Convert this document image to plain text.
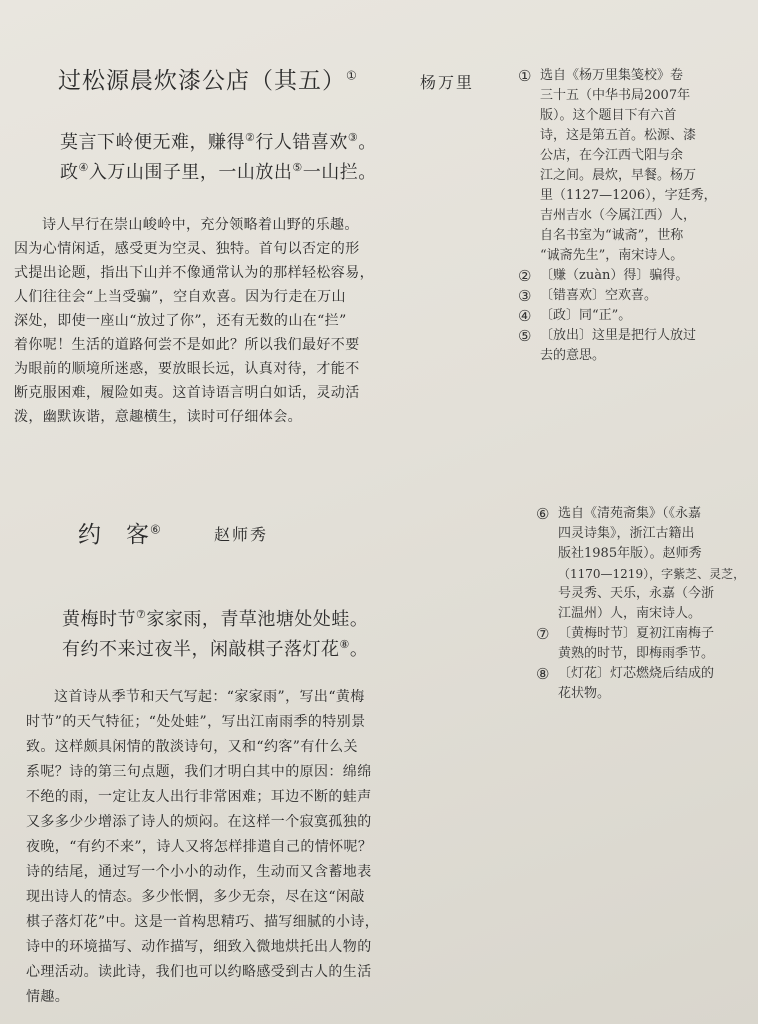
过松源晨炊漆公店（其五）①	杨万里
莫言下岭便无难，赚得②行人错喜欢③。
政④入万山围子里，一山放出⑤一山拦。
诗人早行在崇山峻岭中，充分领略着山野的乐趣。
因为心情闲适，感受更为空灵、独特。首句以否定的形
式提出论题，指出下山并不像通常认为的那样轻松容易，
人们往往会“上当受骗”，空自欢喜。因为行走在万山
深处，即使一座山“放过了你”，还有无数的山在“拦”
着你呢！生活的道路何尝不是如此？所以我们最好不要
为眼前的顺境所迷惑，要放眼长远，认真对待，才能不
断克服困难，履险如夷。这首诗语言明白如话，灵动活
泼，幽默诙谐，意趣横生，读时可仔细体会。
① 选自《杨万里集笺校》卷
三十五（中华书局2007年
版）。这个题目下有六首
诗，这是第五首。松源、漆
公店，在今江西弋阳与余
江之间。晨炊，早餐。杨万
里（1127—1206），字廷秀，
吉州吉水（今属江西）人，
自名书室为“诚斋”，世称
“诚斋先生”，南宋诗人。
② 〔赚（zuàn）得〕骗得。
③ 〔错喜欢〕空欢喜。
④ 〔政〕同“正”。
⑤ 〔放出〕这里是把行人放过
去的意思。
约　客⑥	赵师秀
黄梅时节⑦家家雨，青草池塘处处蛙。
有约不来过夜半，闲敲棋子落灯花⑧。
这首诗从季节和天气写起：“家家雨”，写出“黄梅
时节”的天气特征；“处处蛙”，写出江南雨季的特别景
致。这样颇具闲情的散淡诗句，又和“约客”有什么关
系呢？诗的第三句点题，我们才明白其中的原因：绵绵
不绝的雨，一定让友人出行非常困难；耳边不断的蛙声
又多多少少增添了诗人的烦闷。在这样一个寂寞孤独的
夜晚，“有约不来”，诗人又将怎样排遣自己的情怀呢？
诗的结尾，通过写一个小小的动作，生动而又含蓄地表
现出诗人的情态。多少怅惘，多少无奈，尽在这“闲敲
棋子落灯花”中。这是一首构思精巧、描写细腻的小诗，
诗中的环境描写、动作描写，细致入微地烘托出人物的
心理活动。读此诗，我们也可以约略感受到古人的生活
情趣。
⑥ 选自《清苑斋集》（《永嘉
四灵诗集》，浙江古籍出
版社1985年版）。赵师秀
（1170—1219），字紫芝、灵芝，
号灵秀、天乐，永嘉（今浙
江温州）人，南宋诗人。
⑦ 〔黄梅时节〕夏初江南梅子
黄熟的时节，即梅雨季节。
⑧ 〔灯花〕灯芯燃烧后结成的
花状物。
